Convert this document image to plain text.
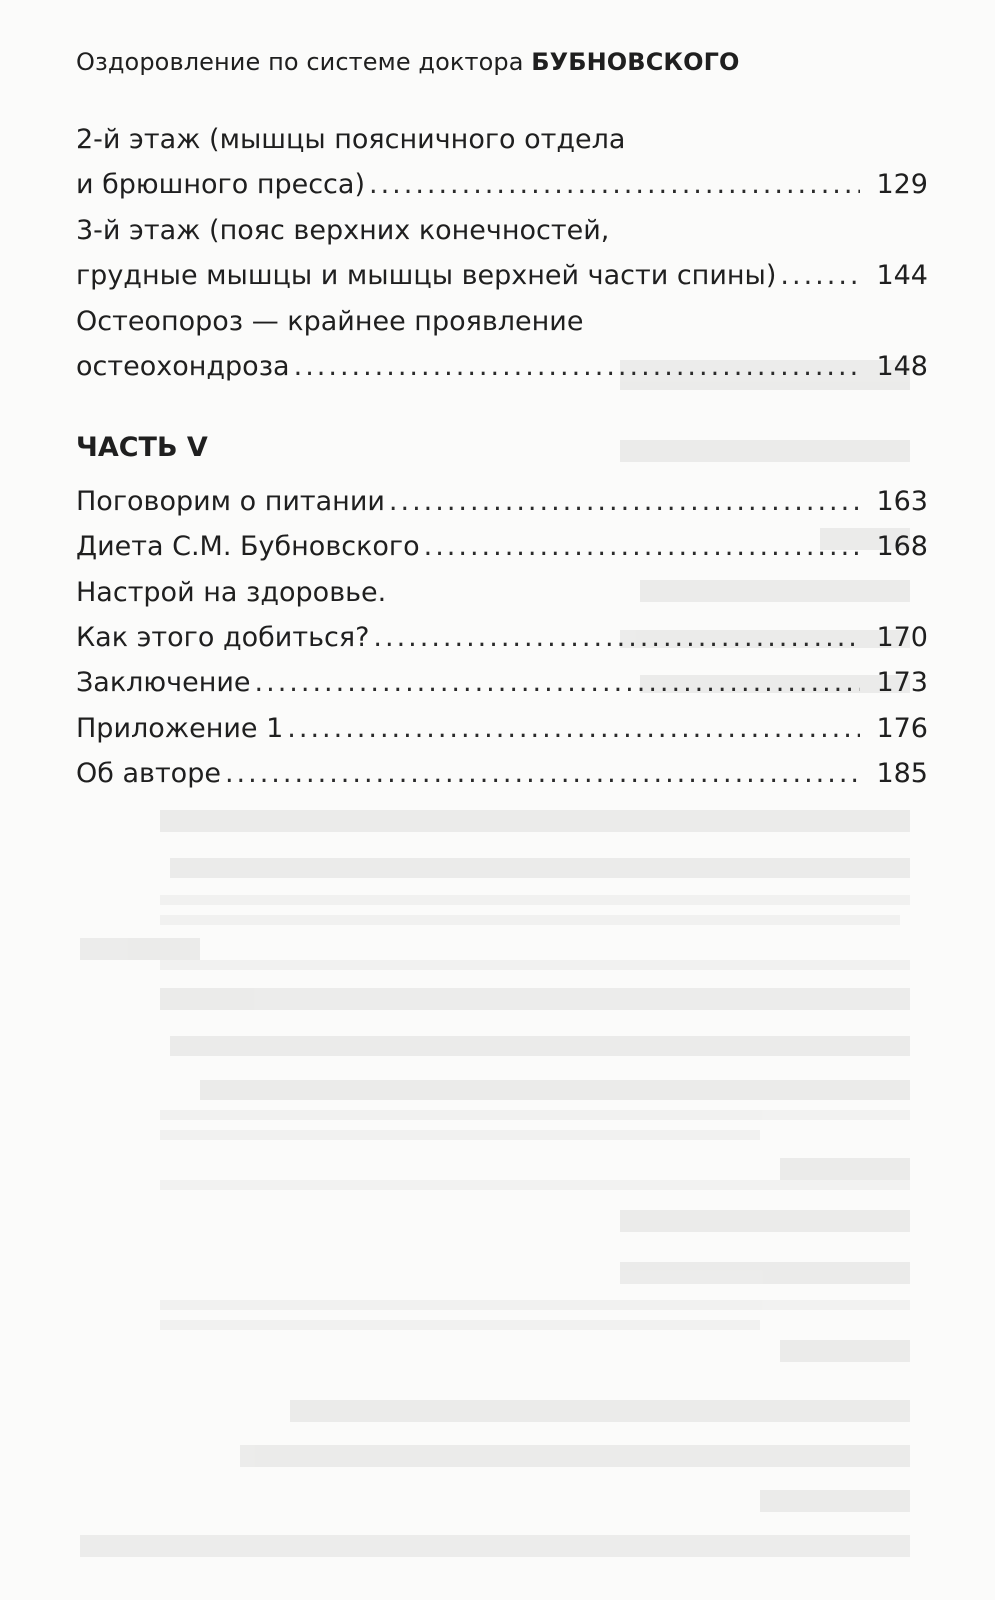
Оздоровление по системе доктора БУБНОВСКОГО
2-й этаж (мышцы поясничного отдела
и брюшного пресса) .....	129
3-й этаж (пояс верхних конечностей,
грудные мышцы и мышцы верхней части спины) .....	144
Остеопороз — крайнее проявление
остеохондроза .....	148
ЧАСТЬ V
Поговорим о питании .....	163
Диета С.М. Бубновского .....	168
Настрой на здоровье.
Как этого добиться? .....	170
Заключение .....	173
Приложение 1 .....	176
Об авторе .....	185
